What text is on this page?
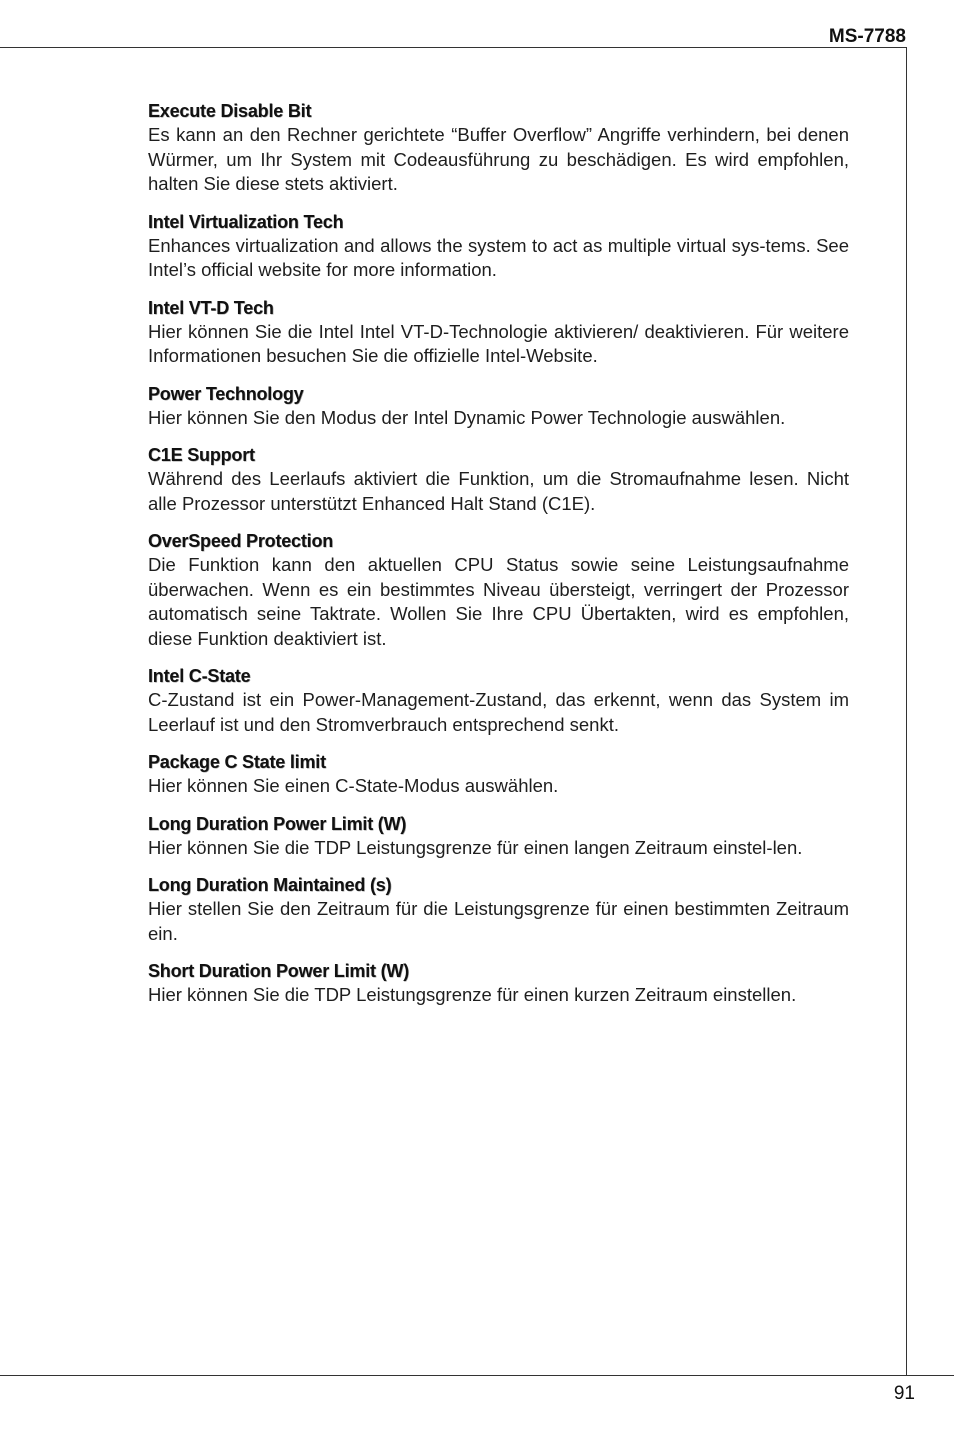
MS-7788
91
Execute Disable Bit

Es kann an den Rechner gerichtete “Buffer Overflow” Angriffe verhindern, bei denen Würmer, um Ihr System mit Codeausführung zu beschädigen. Es wird empfohlen, halten Sie diese stets aktiviert.

Intel Virtualization Tech

Enhances virtualization and allows the system to act as multiple virtual sys-tems. See Intel’s official website for more information.

Intel VT-D Tech

Hier können Sie die Intel Intel VT-D-Technologie aktivieren/ deaktivieren. Für weitere Informationen besuchen Sie die offizielle Intel-Website.

Power Technology

Hier können Sie den Modus der Intel Dynamic Power Technologie auswählen.

C1E Support

Während des Leerlaufs aktiviert die Funktion, um die Stromaufnahme lesen. Nicht alle Prozessor unterstützt Enhanced Halt Stand (C1E).

OverSpeed Protection

Die Funktion kann den aktuellen CPU Status sowie seine Leistungsaufnahme überwachen. Wenn es ein bestimmtes Niveau übersteigt, verringert der Prozessor automatisch seine Taktrate. Wollen Sie Ihre CPU Übertakten, wird es empfohlen, diese Funktion deaktiviert ist.

Intel C-State

C-Zustand ist ein Power-Management-Zustand, das erkennt, wenn das System im Leerlauf ist und den Stromverbrauch entsprechend senkt.

Package C State limit

Hier können Sie einen C-State-Modus auswählen.

Long Duration Power Limit (W)

Hier können Sie die TDP Leistungsgrenze für einen langen Zeitraum einstel-len.

Long Duration Maintained (s)

Hier stellen Sie den Zeitraum für die Leistungsgrenze für einen bestimmten Zeitraum ein.

Short Duration Power Limit (W)

Hier können Sie die TDP Leistungsgrenze für einen kurzen Zeitraum einstellen.
